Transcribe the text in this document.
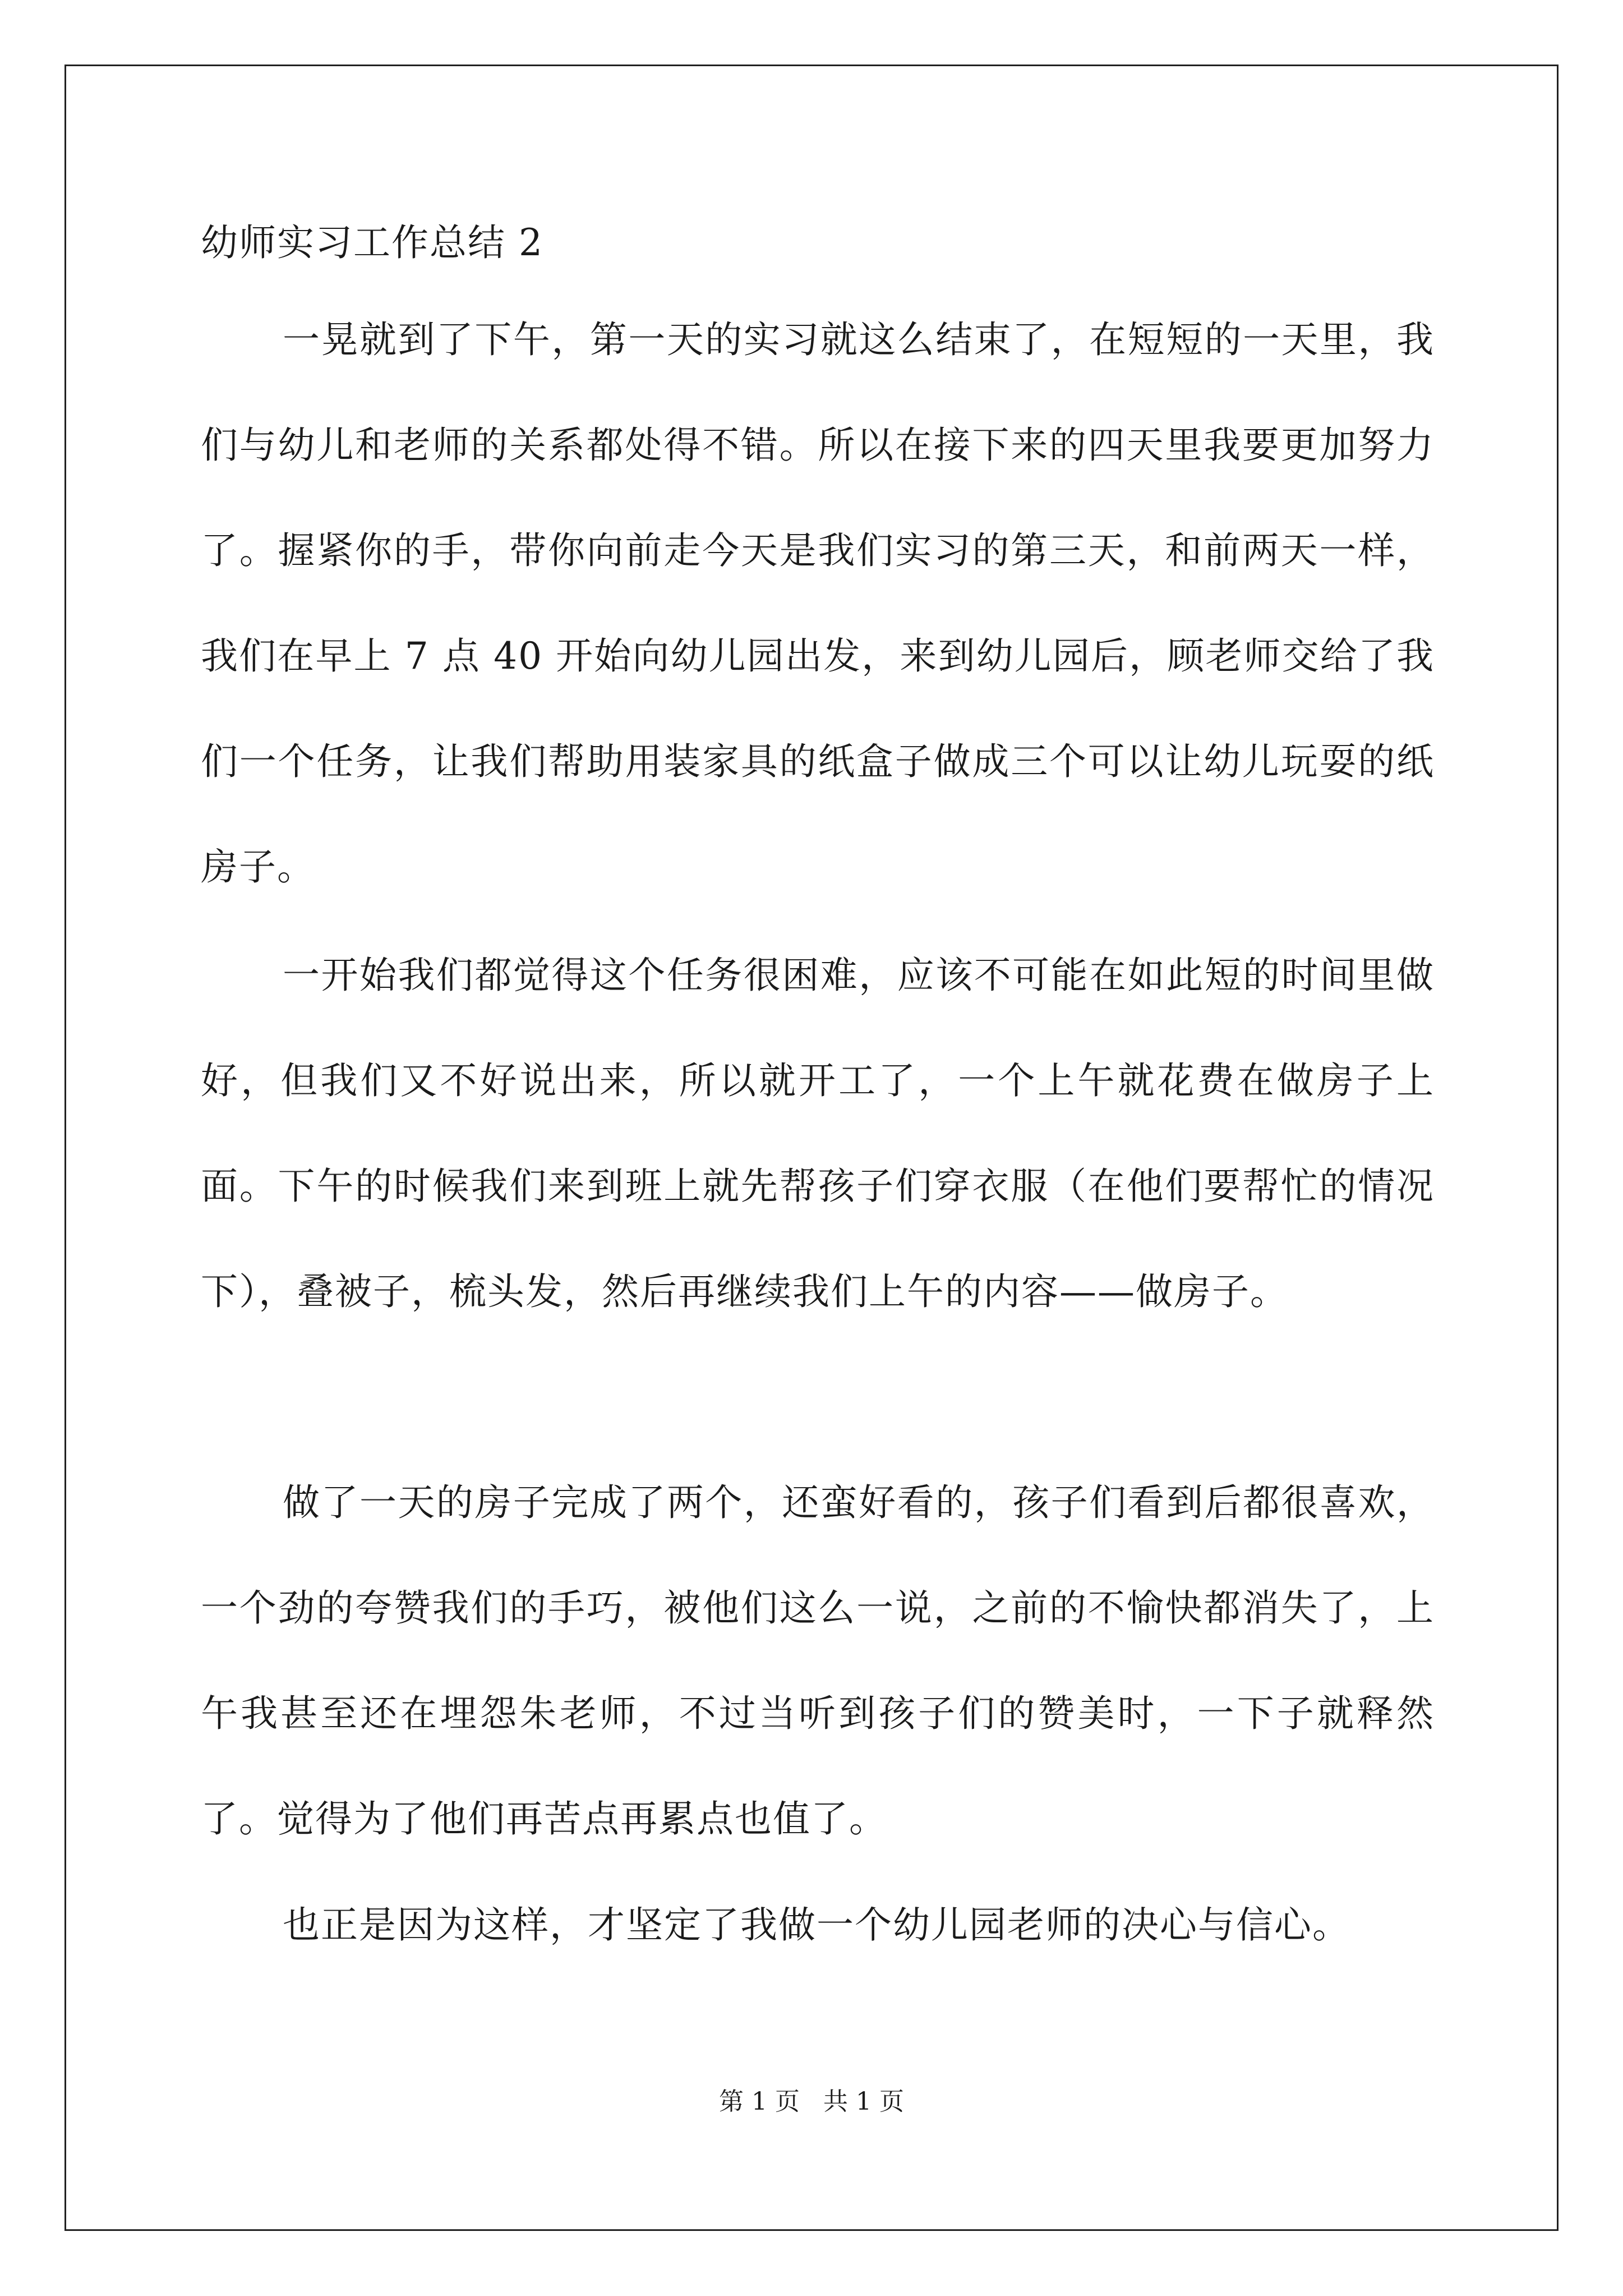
幼师实习工作总结 2

一晃就到了下午，第一天的实习就这么结束了，在短短的一天里，我们与幼儿和老师的关系都处得不错。所以在接下来的四天里我要更加努力了。握紧你的手，带你向前走今天是我们实习的第三天，和前两天一样，我们在早上 7 点 40 开始向幼儿园出发，来到幼儿园后，顾老师交给了我们一个任务，让我们帮助用装家具的纸盒子做成三个可以让幼儿玩耍的纸房子。

一开始我们都觉得这个任务很困难，应该不可能在如此短的时间里做好，但我们又不好说出来，所以就开工了，一个上午就花费在做房子上面。下午的时候我们来到班上就先帮孩子们穿衣服（在他们要帮忙的情况下），叠被子，梳头发，然后再继续我们上午的内容——做房子。

做了一天的房子完成了两个，还蛮好看的，孩子们看到后都很喜欢，一个劲的夸赞我们的手巧，被他们这么一说，之前的不愉快都消失了，上午我甚至还在埋怨朱老师，不过当听到孩子们的赞美时，一下子就释然了。觉得为了他们再苦点再累点也值了。

也正是因为这样，才坚定了我做一个幼儿园老师的决心与信心。

第 1 页   共 1 页
